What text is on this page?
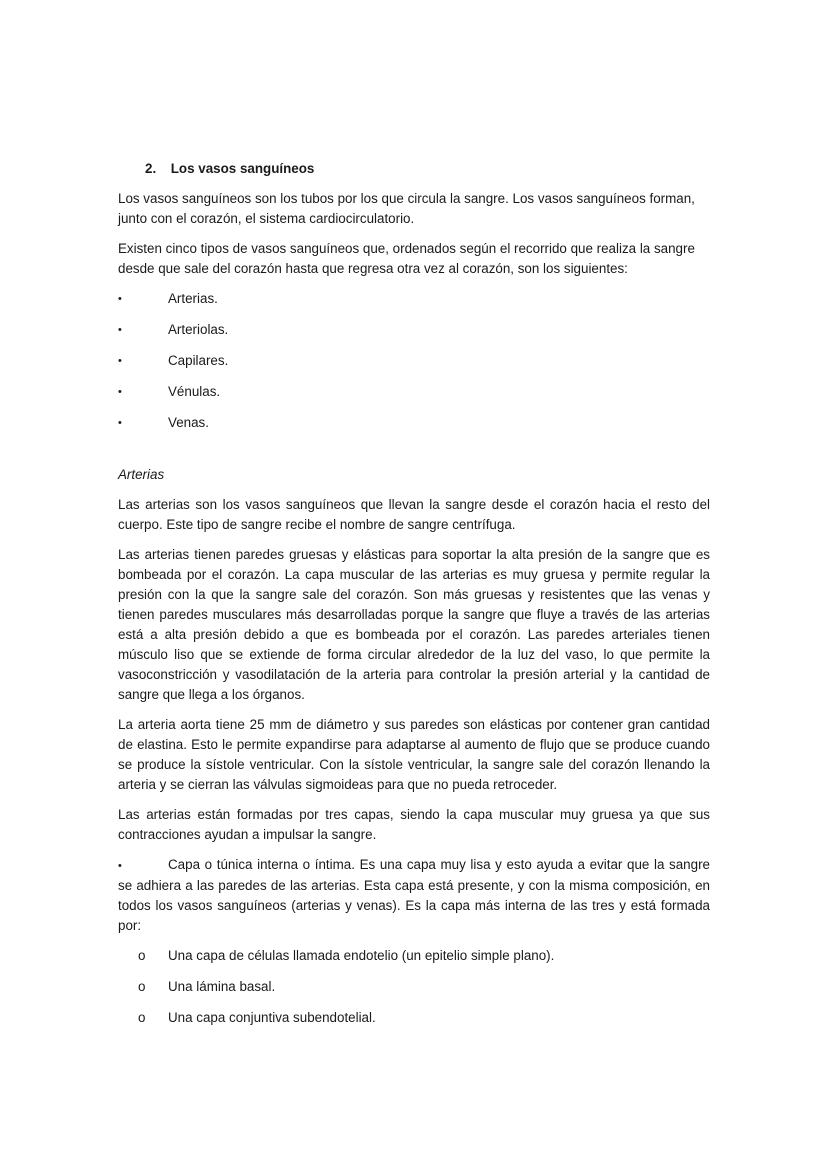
2. Los vasos sanguíneos

Los vasos sanguíneos son los tubos por los que circula la sangre. Los vasos sanguíneos forman, junto con el corazón, el sistema cardiocirculatorio.

Existen cinco tipos de vasos sanguíneos que, ordenados según el recorrido que realiza la sangre desde que sale del corazón hasta que regresa otra vez al corazón, son los siguientes:

•	Arterias.
•	Arteriolas.
•	Capilares.
•	Vénulas.
•	Venas.
Arterias

Las arterias son los vasos sanguíneos que llevan la sangre desde el corazón hacia el resto del cuerpo. Este tipo de sangre recibe el nombre de sangre centrífuga.

Las arterias tienen paredes gruesas y elásticas para soportar la alta presión de la sangre que es bombeada por el corazón. La capa muscular de las arterias es muy gruesa y permite regular la presión con la que la sangre sale del corazón. Son más gruesas y resistentes que las venas y tienen paredes musculares más desarrolladas porque la sangre que fluye a través de las arterias está a alta presión debido a que es bombeada por el corazón. Las paredes arteriales tienen músculo liso que se extiende de forma circular alrededor de la luz del vaso, lo que permite la vasoconstricción y vasodilatación de la arteria para controlar la presión arterial y la cantidad de sangre que llega a los órganos.

La arteria aorta tiene 25 mm de diámetro y sus paredes son elásticas por contener gran cantidad de elastina. Esto le permite expandirse para adaptarse al aumento de flujo que se produce cuando se produce la sístole ventricular. Con la sístole ventricular, la sangre sale del corazón llenando la arteria y se cierran las válvulas sigmoideas para que no pueda retroceder.

Las arterias están formadas por tres capas, siendo la capa muscular muy gruesa ya que sus contracciones ayudan a impulsar la sangre.

•	Capa o túnica interna o íntima. Es una capa muy lisa y esto ayuda a evitar que la sangre se adhiera a las paredes de las arterias. Esta capa está presente, y con la misma composición, en todos los vasos sanguíneos (arterias y venas). Es la capa más interna de las tres y está formada por:

o Una capa de células llamada endotelio (un epitelio simple plano).
o Una lámina basal.
o Una capa conjuntiva subendotelial.
